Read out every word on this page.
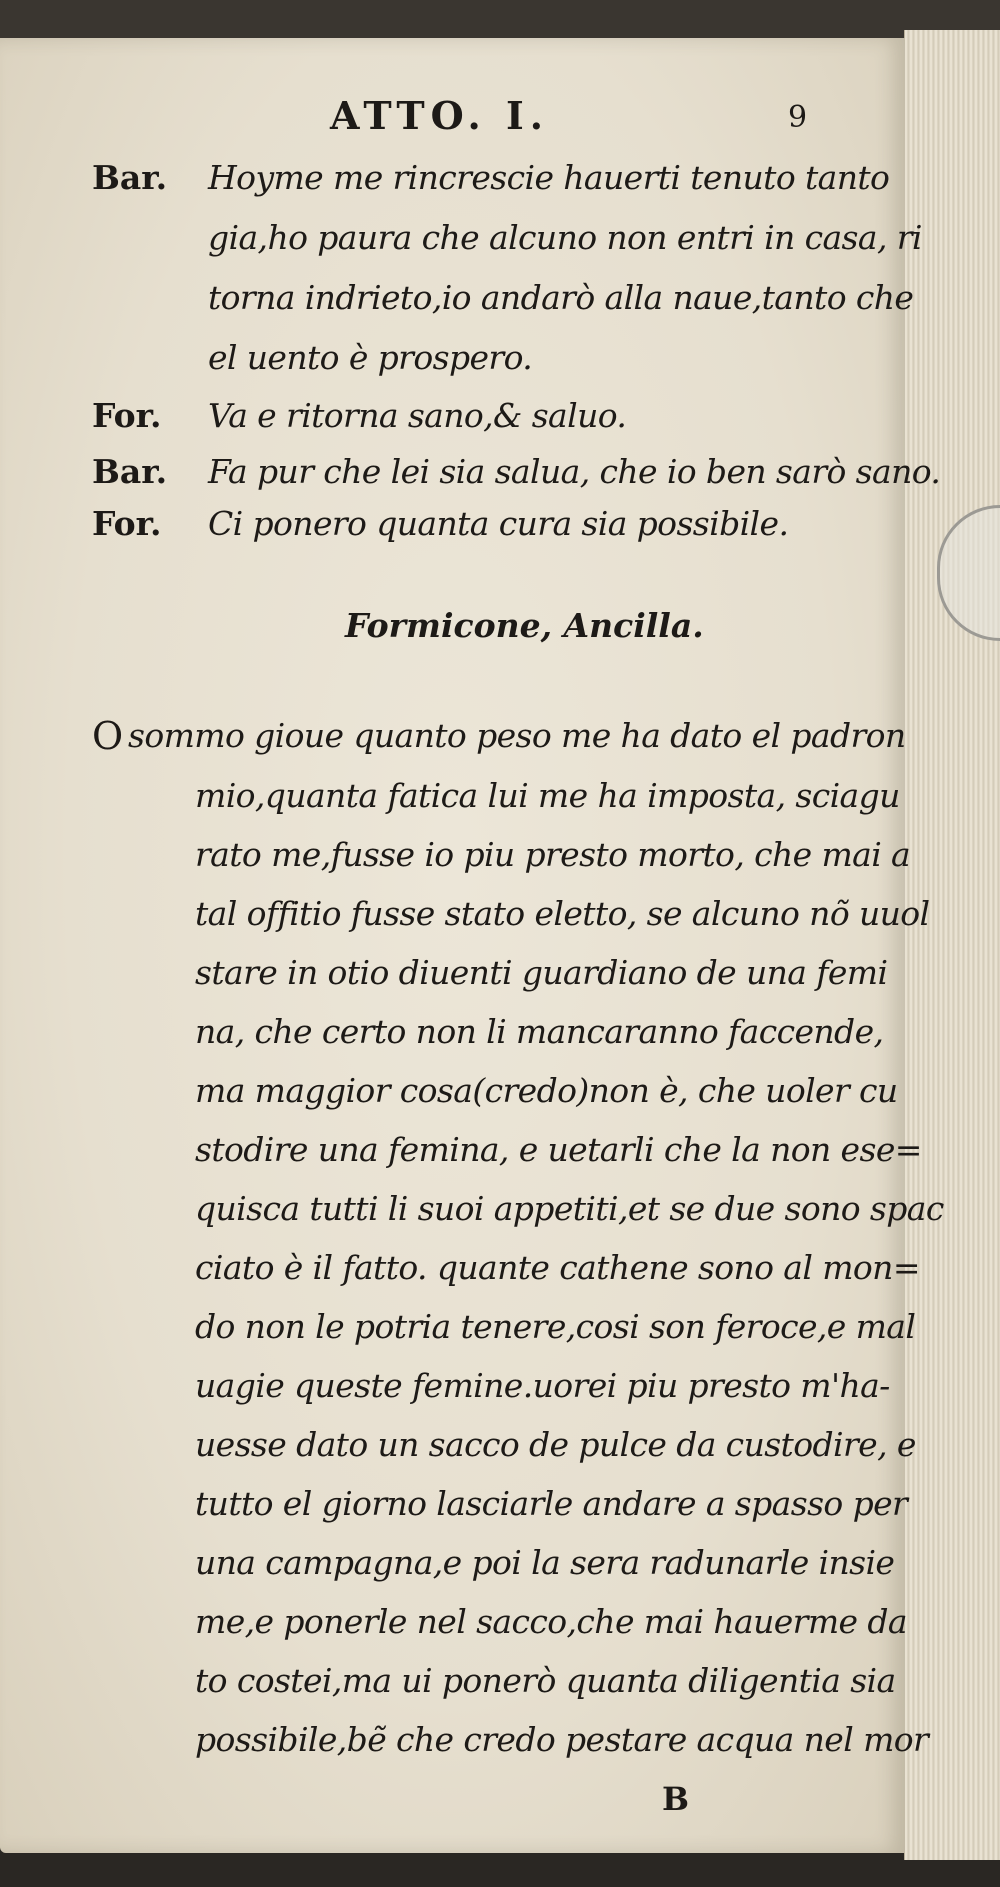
ATTO. I.	9
Bar. Hoyme me rincrescie hauerti tenuto tanto
gia,ho paura che alcuno non entri in casa, ri
torna indrieto,io andarò alla naue,tanto che
el uento è prospero.
For. Va e ritorna sano,& saluo.
Bar. Fa pur che lei sia salua, che io ben sarò sano.
For. Ci ponero quanta cura sia possibile.
Formicone, Ancilla.
O sommo gioue quanto peso me ha dato el padron
mio,quanta fatica lui me ha imposta, sciagu
rato me,fusse io piu presto morto, che mai a
tal offitio fusse stato eletto, se alcuno nõ uuol
stare in otio diuenti guardiano de una femi
na, che certo non li mancaranno faccende,
ma maggior cosa(credo)non è, che uoler cu
stodire una femina, e uetarli che la non ese=
quisca tutti li suoi appetiti,et se due sono spac
ciato è il fatto. quante cathene sono al mon=
do non le potria tenere,cosi son feroce,e mal
uagie queste femine.uorei piu presto m'ha-
uesse dato un sacco de pulce da custodire, e
tutto el giorno lasciarle andare a spasso per
una campagna,e poi la sera radunarle insie
me,e ponerle nel sacco,che mai hauerme da
to costei,ma ui ponerò quanta diligentia sia
possibile,bẽ che credo pestare acqua nel mor
B
